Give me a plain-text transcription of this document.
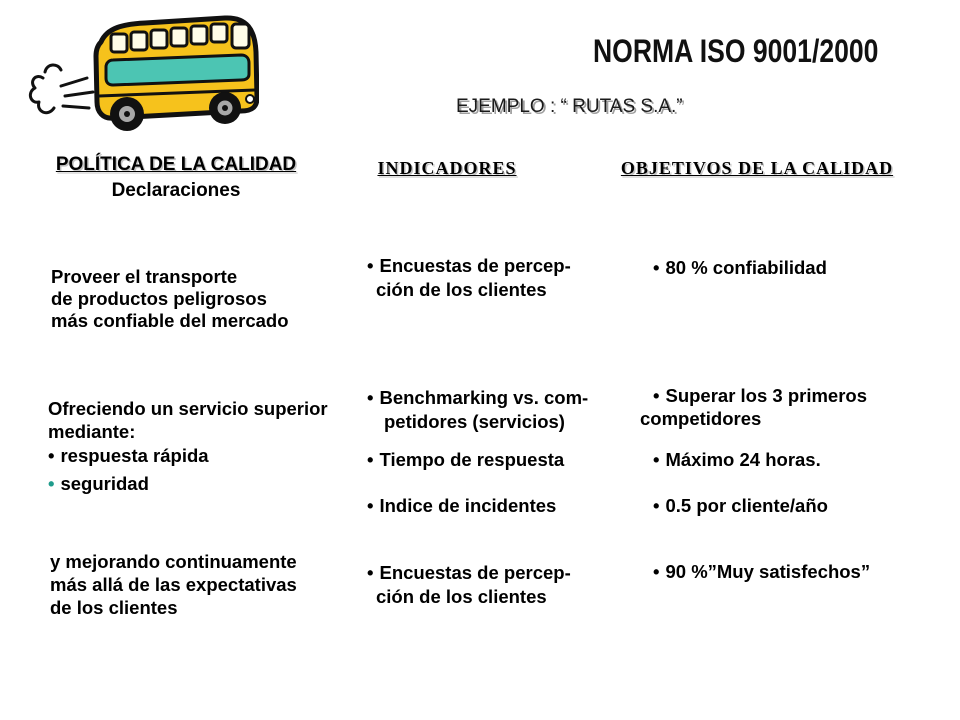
NORMA ISO 9001/2000
EJEMPLO : “ RUTAS S.A.”
POLÍTICA DE LA CALIDAD
Declaraciones
INDICADORES	OBJETIVOS DE LA CALIDAD
Proveer el transporte
de productos peligrosos
más confiable del mercado
• Encuestas de percep-
ción de los clientes
• 80 % confiabilidad
Ofreciendo un servicio superior
mediante:
• respuesta rápida
• seguridad
• Benchmarking vs. com-
petidores (servicios)
• Tiempo de respuesta
• Indice de incidentes
• Superar los 3 primeros
competidores
• Máximo 24 horas.
• 0.5 por cliente/año
y mejorando continuamente
más allá de las expectativas
de los clientes
• Encuestas de percep-
ción de los clientes
• 90 %”Muy satisfechos”
